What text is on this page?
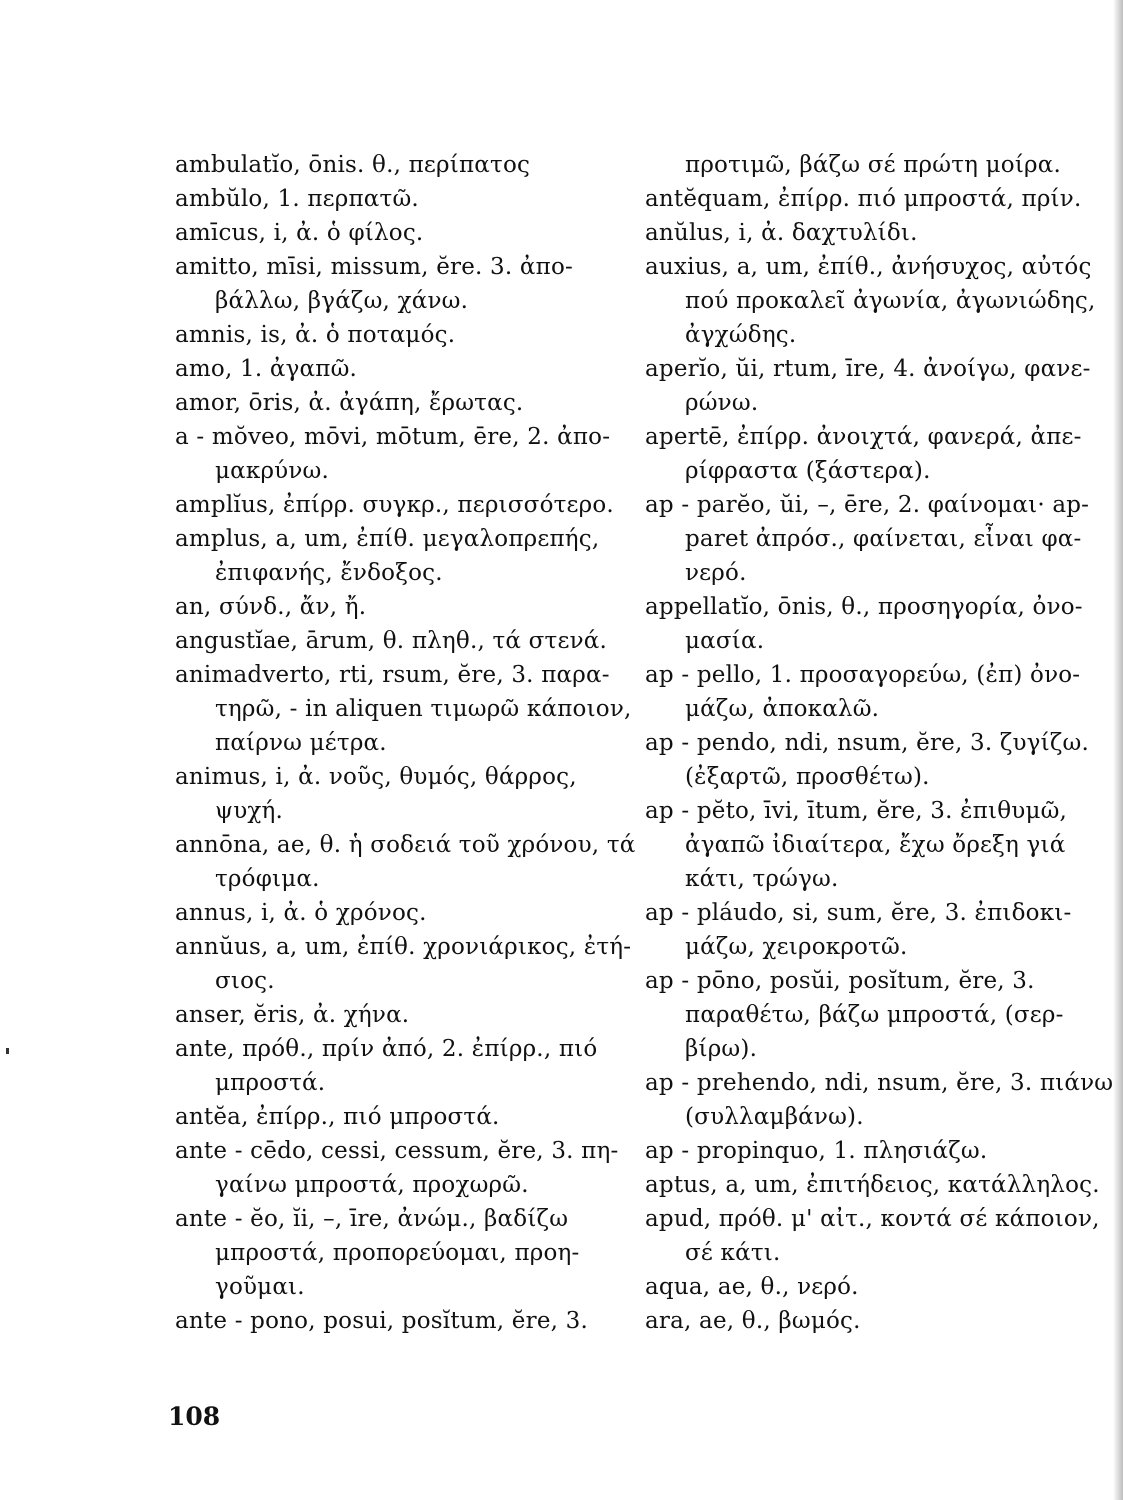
ambulatĭo, ōnis. θ., περίπατος
ambŭlo, 1. περπατῶ.
amīcus, i, ἀ. ὁ φίλος.
amitto, mīsi, missum, ĕre. 3. ἀπο-
βάλλω, βγάζω, χάνω.
amnis, is, ἀ. ὁ ποταμός.
amo, 1. ἀγαπῶ.
amor, ōris, ἀ. ἀγάπη, ἔρωτας.
a - mŏveo, mōvi, mōtum, ēre, 2. ἀπο-
μακρύνω.
amplĭus, ἐπίρρ. συγκρ., περισσότερο.
amplus, a, um, ἐπίθ. μεγαλοπρεπής,
ἐπιφανής, ἔνδοξος.
an, σύνδ., ἄν, ἤ.
angustĭae, ārum, θ. πληθ., τά στενά.
animadverto, rti, rsum, ĕre, 3. παρα-
τηρῶ, - in aliquen τιμωρῶ κάποιον,
παίρνω μέτρα.
animus, i, ἀ. νοῦς, θυμός, θάρρος,
ψυχή.
annōna, ae, θ. ἡ σοδειά τοῦ χρόνου, τά
τρόφιμα.
annus, i, ἀ. ὁ χρόνος.
annŭus, a, um, ἐπίθ. χρονιάρικος, ἐτή-
σιος.
anser, ĕris, ἀ. χήνα.
ante, πρόθ., πρίν ἀπό, 2. ἐπίρρ., πιό
μπροστά.
antĕa, ἐπίρρ., πιό μπροστά.
ante - cēdo, cessi, cessum, ĕre, 3. πη-
γαίνω μπροστά, προχωρῶ.
ante - ĕo, ĭi, –, īre, ἀνώμ., βαδίζω
μπροστά, προπορεύομαι, προη-
γοῦμαι.
ante - pono, posui, posĭtum, ĕre, 3.
προτιμῶ, βάζω σέ πρώτη μοίρα.
antĕquam, ἐπίρρ. πιό μπροστά, πρίν.
anŭlus, i, ἀ. δαχτυλίδι.
auxius, a, um, ἐπίθ., ἀνήσυχος, αὐτός
πού προκαλεῖ ἀγωνία, ἀγωνιώδης,
ἀγχώδης.
aperĭo, ŭi, rtum, īre, 4. ἀνοίγω, φανε-
ρώνω.
apertē, ἐπίρρ. ἀνοιχτά, φανερά, ἀπε-
ρίφραστα (ξάστερα).
ap - parĕo, ŭi, –, ēre, 2. φαίνομαι· ap-
paret ἀπρόσ., φαίνεται, εἶναι φα-
νερό.
appellatĭo, ōnis, θ., προσηγορία, ὀνο-
μασία.
ap - pello, 1. προσαγορεύω, (ἐπ) ὀνο-
μάζω, ἀποκαλῶ.
ap - pendo, ndi, nsum, ĕre, 3. ζυγίζω.
(ἐξαρτῶ, προσθέτω).
ap - pĕto, īvi, ītum, ĕre, 3. ἐπιθυμῶ,
ἀγαπῶ ἰδιαίτερα, ἔχω ὄρεξη γιά
κάτι, τρώγω.
ap - pláudo, si, sum, ĕre, 3. ἐπιδοκι-
μάζω, χειροκροτῶ.
ap - pōno, posŭi, posĭtum, ĕre, 3.
παραθέτω, βάζω μπροστά, (σερ-
βίρω).
ap - prehendo, ndi, nsum, ĕre, 3. πιάνω
(συλλαμβάνω).
ap - propinquo, 1. πλησιάζω.
aptus, a, um, ἐπιτήδειος, κατάλληλος.
apud, πρόθ. μ' αἰτ., κοντά σέ κάποιον,
σέ κάτι.
aqua, ae, θ., νερό.
ara, ae, θ., βωμός.
108
